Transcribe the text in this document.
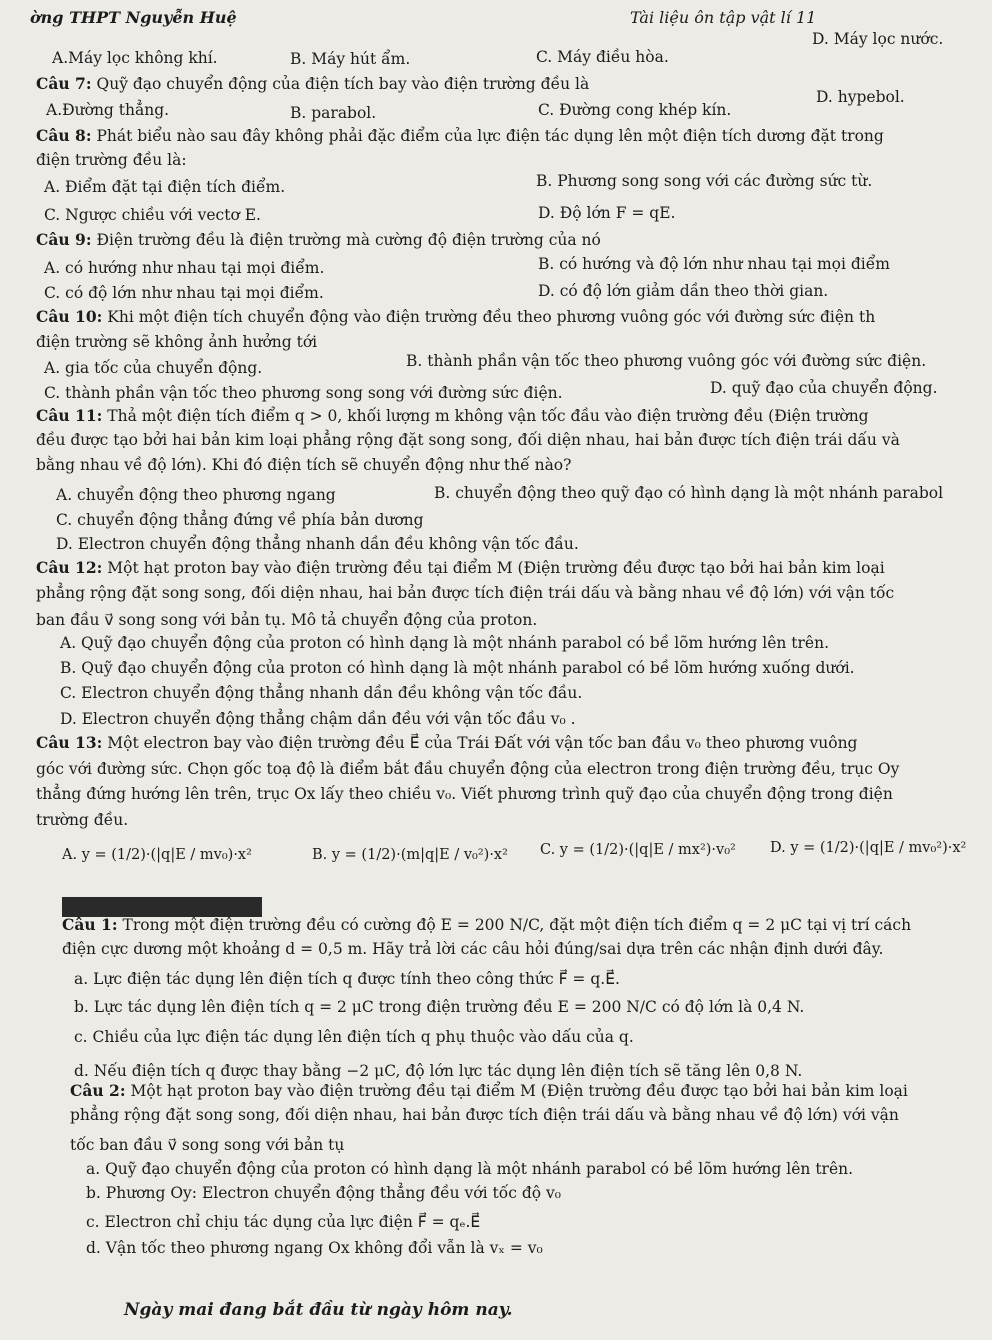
ờng THPT Nguyễn Huệ	Tài liệu ôn tập vật lí 11
A.Máy lọc không khí.	B. Máy hút ẩm.	C. Máy điều hòa.
D. Máy lọc nước.
Câu 7: Quỹ đạo chuyển động của điện tích bay vào điện trường đều là
A.Đường thẳng.	B. parabol.	C. Đường cong khép kín.
D. hypebol.
Câu 8: Phát biểu nào sau đây không phải đặc điểm của lực điện tác dụng lên một điện tích dương đặt trong
điện trường đều là:
A. Điểm đặt tại điện tích điểm.	B. Phương song song với các đường sức từ.
C. Ngược chiều với vectơ E.	D. Độ lớn F = qE.
Câu 9: Điện trường đều là điện trường mà cường độ điện trường của nó
A. có hướng như nhau tại mọi điểm.	B. có hướng và độ lớn như nhau tại mọi điểm
C. có độ lớn như nhau tại mọi điểm.	D. có độ lớn giảm dần theo thời gian.
Câu 10: Khi một điện tích chuyển động vào điện trường đều theo phương vuông góc với đường sức điện th
điện trường sẽ không ảnh hưởng tới
A. gia tốc của chuyển động.	B. thành phần vận tốc theo phương vuông góc với đường sức điện.
C. thành phần vận tốc theo phương song song với đường sức điện.	D. quỹ đạo của chuyển động.
Câu 11: Thả một điện tích điểm q > 0, khối lượng m không vận tốc đầu vào điện trường đều (Điện trường
đều được tạo bởi hai bản kim loại phẳng rộng đặt song song, đối diện nhau, hai bản được tích điện trái dấu và
bằng nhau về độ lớn). Khi đó điện tích sẽ chuyển động như thế nào?
A. chuyển động theo phương ngang	B. chuyển động theo quỹ đạo có hình dạng là một nhánh parabol
C. chuyển động thẳng đứng về phía bản dương
D. Electron chuyển động thẳng nhanh dần đều không vận tốc đầu.
Câu 12: Một hạt proton bay vào điện trường đều tại điểm M (Điện trường đều được tạo bởi hai bản kim loại
phẳng rộng đặt song song, đối diện nhau, hai bản được tích điện trái dấu và bằng nhau về độ lớn) với vận tốc
ban đầu v⃗ song song với bản tụ. Mô tả chuyển động của proton.
A. Quỹ đạo chuyển động của proton có hình dạng là một nhánh parabol có bề lõm hướng lên trên.
B. Quỹ đạo chuyển động của proton có hình dạng là một nhánh parabol có bề lõm hướng xuống dưới.
C. Electron chuyển động thẳng nhanh dần đều không vận tốc đầu.
D. Electron chuyển động thẳng chậm dần đều với vận tốc đầu v₀ .
Câu 13: Một electron bay vào điện trường đều E⃗ của Trái Đất với vận tốc ban đầu v₀ theo phương vuông
góc với đường sức. Chọn gốc toạ độ là điểm bắt đầu chuyển động của electron trong điện trường đều, trục Oy
thẳng đứng hướng lên trên, trục Ox lấy theo chiều v₀. Viết phương trình quỹ đạo của chuyển động trong điện
trường đều.
A. y = (1/2)·(|q|E / mv₀)·x²	B. y = (1/2)·(m|q|E / v₀²)·x² C. y = (1/2)·(|q|E / mx²)·v₀² D. y = (1/2)·(|q|E / mv₀²)·x²
Câu 1: Trong một điện trường đều có cường độ E = 200 N/C, đặt một điện tích điểm q = 2 μC tại vị trí cách
điện cực dương một khoảng d = 0,5 m. Hãy trả lời các câu hỏi đúng/sai dựa trên các nhận định dưới đây.
a. Lực điện tác dụng lên điện tích q được tính theo công thức F⃗ = q.E⃗.
b. Lực tác dụng lên điện tích q = 2 μC trong điện trường đều E = 200 N/C có độ lớn là 0,4 N.
c. Chiều của lực điện tác dụng lên điện tích q phụ thuộc vào dấu của q.
d. Nếu điện tích q được thay bằng −2 μC, độ lớn lực tác dụng lên điện tích sẽ tăng lên 0,8 N.
Câu 2: Một hạt proton bay vào điện trường đều tại điểm M (Điện trường đều được tạo bởi hai bản kim loại
phẳng rộng đặt song song, đối diện nhau, hai bản được tích điện trái dấu và bằng nhau về độ lớn) với vận
tốc ban đầu v⃗ song song với bản tụ
a. Quỹ đạo chuyển động của proton có hình dạng là một nhánh parabol có bề lõm hướng lên trên.
b. Phương Oy: Electron chuyển động thẳng đều với tốc độ v₀
c. Electron chỉ chịu tác dụng của lực điện F⃗ = qₑ.E⃗
d. Vận tốc theo phương ngang Ox không đổi vẫn là vₓ = v₀
Ngày mai đang bắt đầu từ ngày hôm nay.
